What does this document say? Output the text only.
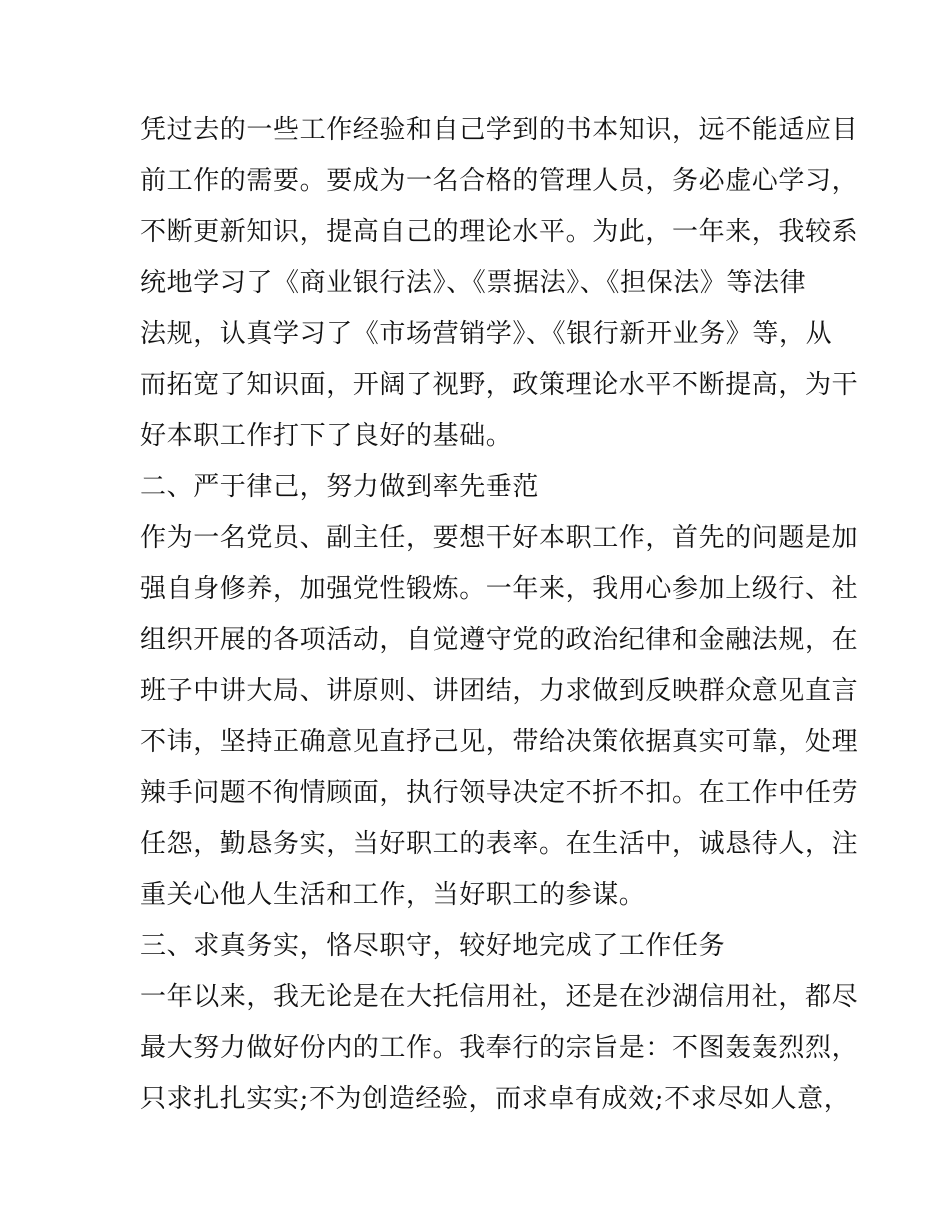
凭过去的一些工作经验和自己学到的书本知识，远不能适应目
前工作的需要。要成为一名合格的管理人员，务必虚心学习，
不断更新知识，提高自己的理论水平。为此，一年来，我较系
统地学习了《商业银行法》、《票据法》、《担保法》等法律
法规，认真学习了《市场营销学》、《银行新开业务》等，从
而拓宽了知识面，开阔了视野，政策理论水平不断提高，为干
好本职工作打下了良好的基础。
二、严于律己，努力做到率先垂范
作为一名党员、副主任，要想干好本职工作，首先的问题是加
强自身修养，加强党性锻炼。一年来，我用心参加上级行、社
组织开展的各项活动，自觉遵守党的政治纪律和金融法规，在
班子中讲大局、讲原则、讲团结，力求做到反映群众意见直言
不讳，坚持正确意见直抒己见，带给决策依据真实可靠，处理
辣手问题不徇情顾面，执行领导决定不折不扣。在工作中任劳
任怨，勤恳务实，当好职工的表率。在生活中，诚恳待人，注
重关心他人生活和工作，当好职工的参谋。
三、求真务实，恪尽职守，较好地完成了工作任务
一年以来，我无论是在大托信用社，还是在沙湖信用社，都尽
最大努力做好份内的工作。我奉行的宗旨是：不图轰轰烈烈，
只求扎扎实实;不为创造经验，而求卓有成效;不求尽如人意，
